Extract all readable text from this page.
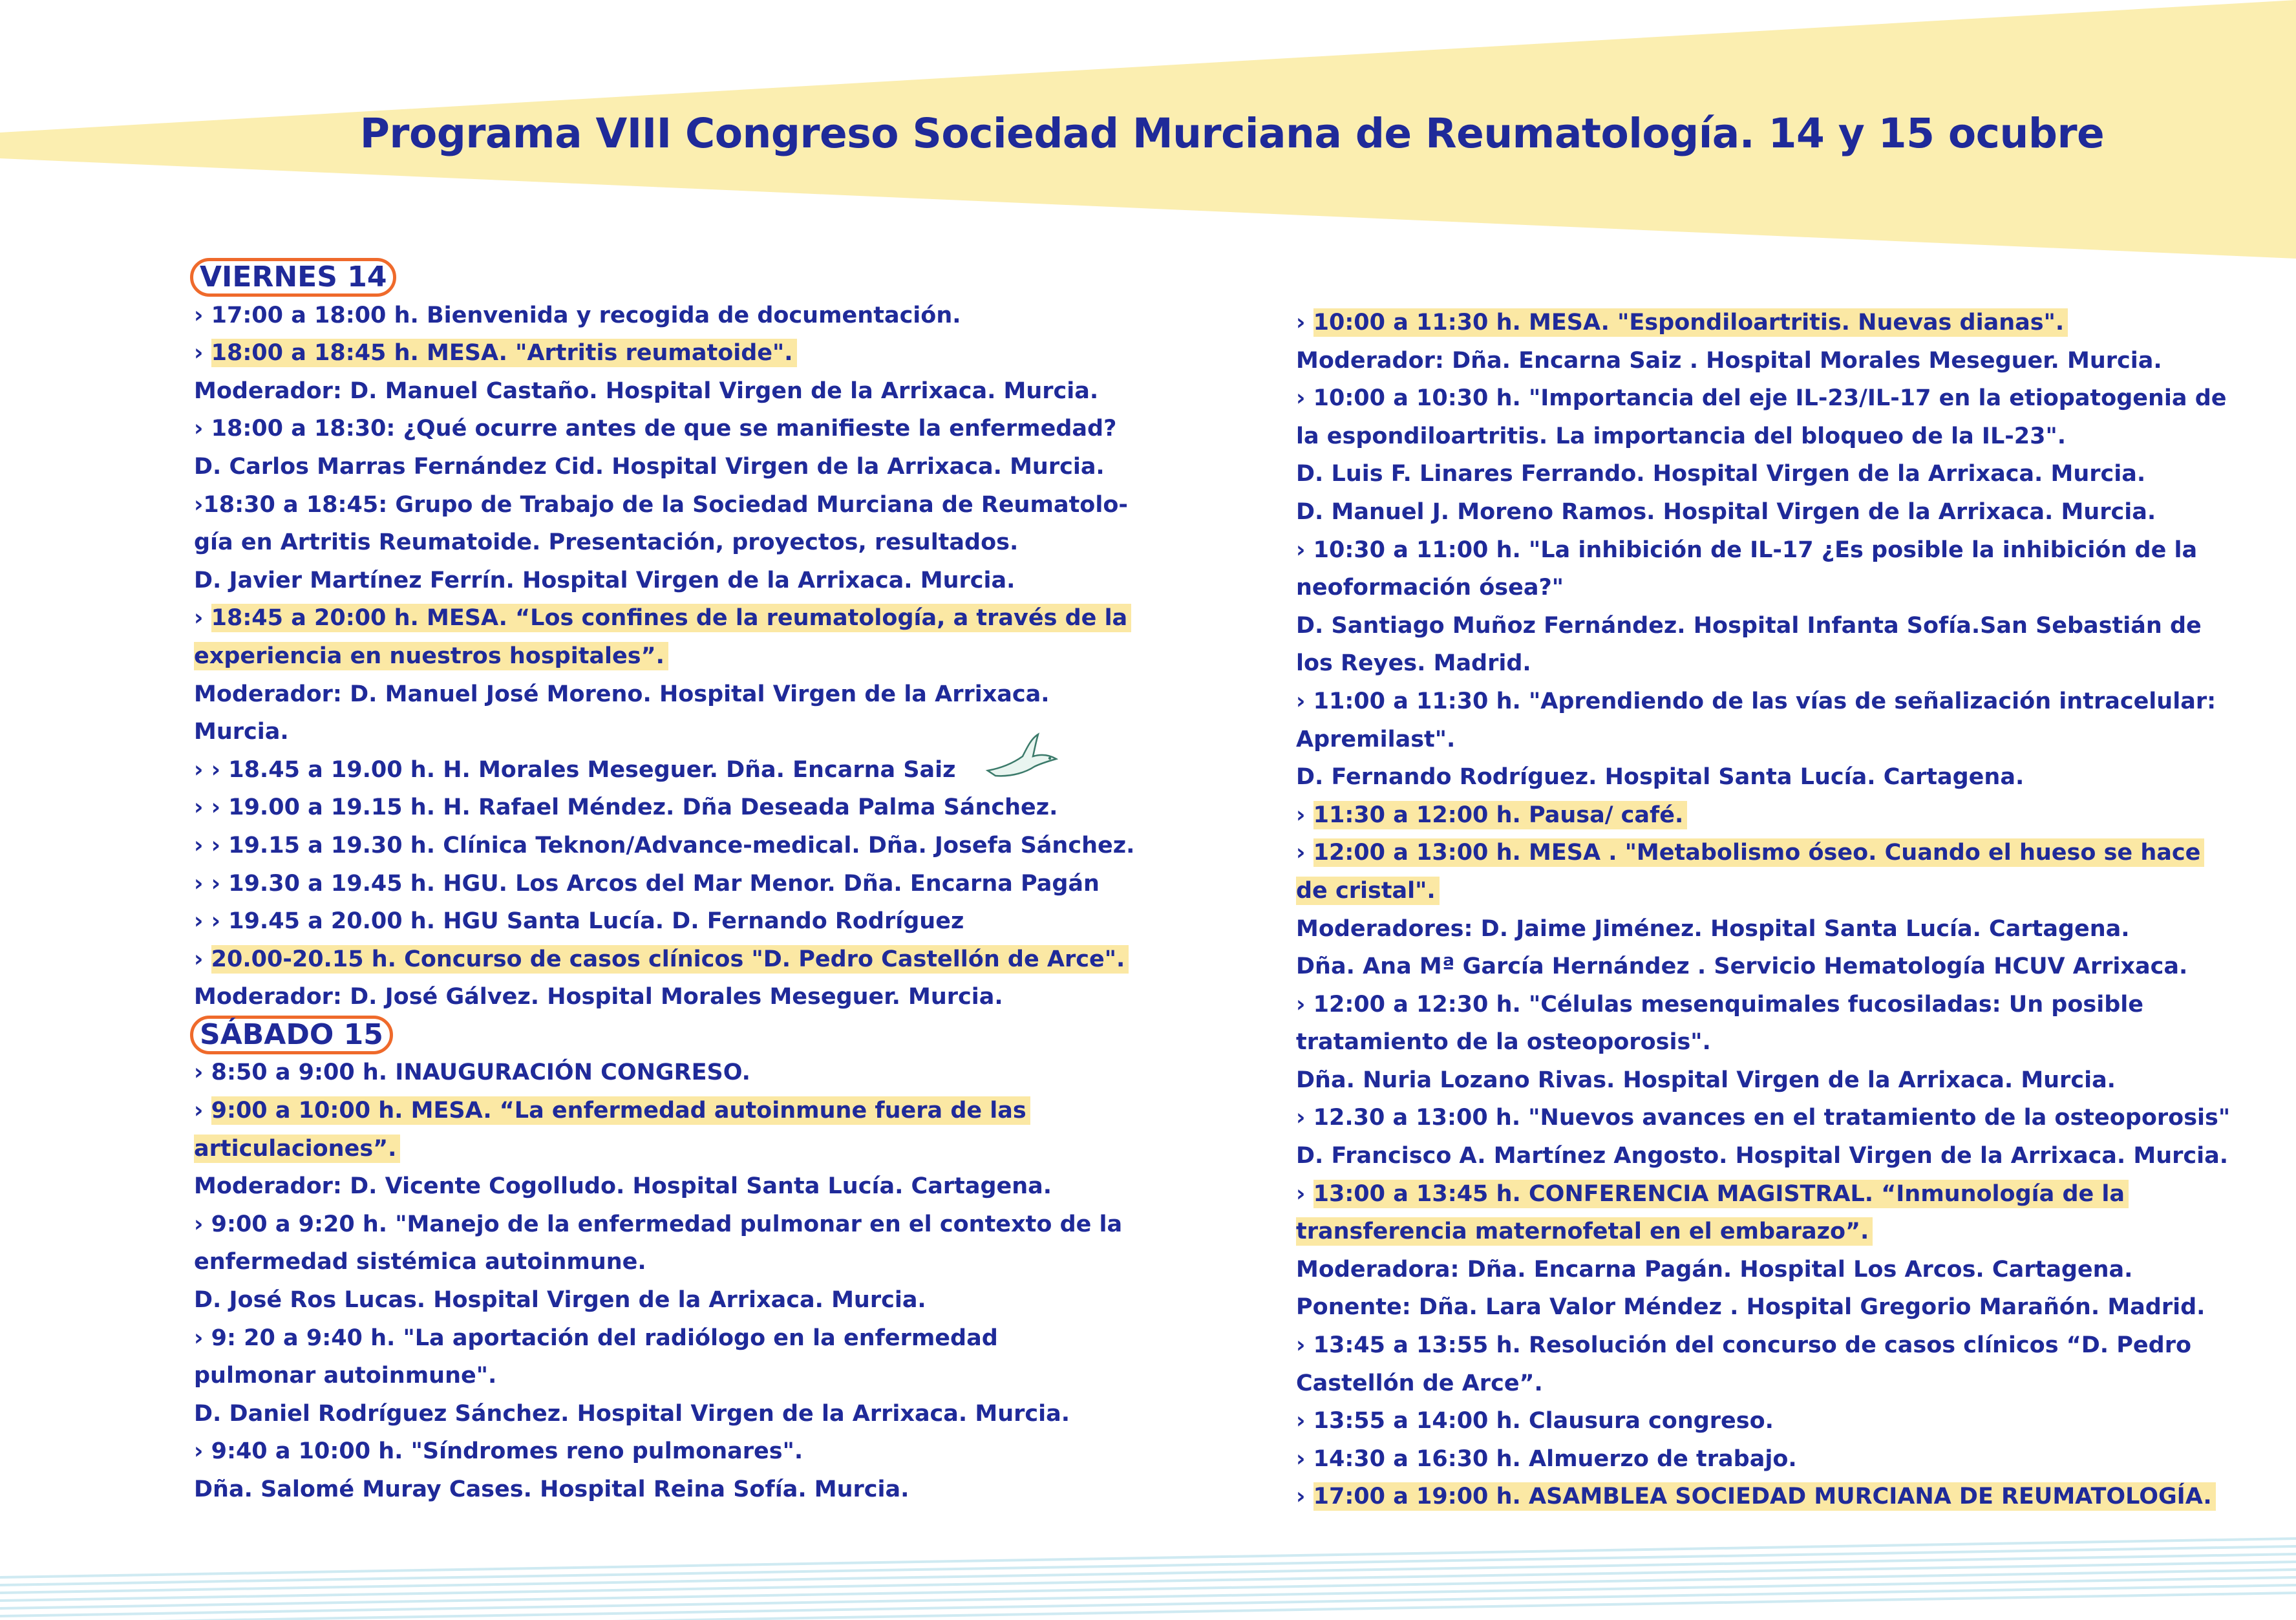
Programa VIII Congreso Sociedad Murciana de Reumatología. 14 y 15 ocubre
VIERNES 14
› 17:00 a 18:00 h. Bienvenida y recogida de documentación.
› 18:00 a 18:45 h. MESA. "Artritis reumatoide".
Moderador: D. Manuel Castaño. Hospital Virgen de la Arrixaca. Murcia.
› 18:00 a 18:30: ¿Qué ocurre antes de que se manifieste la enfermedad?
D. Carlos Marras Fernández Cid. Hospital Virgen de la Arrixaca. Murcia.
›18:30 a 18:45: Grupo de Trabajo de la Sociedad Murciana de Reumatolo-
gía en Artritis Reumatoide. Presentación, proyectos, resultados.
D. Javier Martínez Ferrín. Hospital Virgen de la Arrixaca. Murcia.
› 18:45 a 20:00 h. MESA. “Los confines de la reumatología, a través de la
experiencia en nuestros hospitales”.
Moderador: D. Manuel José Moreno. Hospital Virgen de la Arrixaca.
Murcia.
› › 18.45 a 19.00 h. H. Morales Meseguer. Dña. Encarna Saiz
› › 19.00 a 19.15 h. H. Rafael Méndez. Dña Deseada Palma Sánchez.
› › 19.15 a 19.30 h. Clínica Teknon/Advance-medical. Dña. Josefa Sánchez.
› › 19.30 a 19.45 h. HGU. Los Arcos del Mar Menor. Dña. Encarna Pagán
› › 19.45 a 20.00 h. HGU Santa Lucía. D. Fernando Rodríguez
› 20.00-20.15 h. Concurso de casos clínicos "D. Pedro Castellón de Arce".
Moderador: D. José Gálvez. Hospital Morales Meseguer. Murcia.
SÁBADO 15
› 8:50 a 9:00 h. INAUGURACIÓN CONGRESO.
› 9:00 a 10:00 h. MESA. “La enfermedad autoinmune fuera de las
articulaciones”.
Moderador: D. Vicente Cogolludo. Hospital Santa Lucía. Cartagena.
› 9:00 a 9:20 h. "Manejo de la enfermedad pulmonar en el contexto de la
enfermedad sistémica autoinmune.
D. José Ros Lucas. Hospital Virgen de la Arrixaca. Murcia.
› 9: 20 a 9:40 h. "La aportación del radiólogo en la enfermedad
pulmonar autoinmune".
D. Daniel Rodríguez Sánchez. Hospital Virgen de la Arrixaca. Murcia.
› 9:40 a 10:00 h. "Síndromes reno pulmonares".
Dña. Salomé Muray Cases. Hospital Reina Sofía. Murcia.
› 10:00 a 11:30 h. MESA. "Espondiloartritis. Nuevas dianas".
Moderador: Dña. Encarna Saiz . Hospital Morales Meseguer. Murcia.
› 10:00 a 10:30 h. "Importancia del eje IL-23/IL-17 en la etiopatogenia de
la espondiloartritis. La importancia del bloqueo de la IL-23".
D. Luis F. Linares Ferrando. Hospital Virgen de la Arrixaca. Murcia.
D. Manuel J. Moreno Ramos. Hospital Virgen de la Arrixaca. Murcia.
› 10:30 a 11:00 h. "La inhibición de IL-17 ¿Es posible la inhibición de la
neoformación ósea?"
D. Santiago Muñoz Fernández. Hospital Infanta Sofía.San Sebastián de
los Reyes. Madrid.
› 11:00 a 11:30 h. "Aprendiendo de las vías de señalización intracelular:
Apremilast".
D. Fernando Rodríguez. Hospital Santa Lucía. Cartagena.
› 11:30 a 12:00 h. Pausa/ café.
› 12:00 a 13:00 h. MESA . "Metabolismo óseo. Cuando el hueso se hace
de cristal".
Moderadores: D. Jaime Jiménez. Hospital Santa Lucía. Cartagena.
Dña. Ana Mª García Hernández . Servicio Hematología HCUV Arrixaca.
› 12:00 a 12:30 h. "Células mesenquimales fucosiladas: Un posible
tratamiento de la osteoporosis".
Dña. Nuria Lozano Rivas. Hospital Virgen de la Arrixaca. Murcia.
› 12.30 a 13:00 h. "Nuevos avances en el tratamiento de la osteoporosis"
D. Francisco A. Martínez Angosto. Hospital Virgen de la Arrixaca. Murcia.
› 13:00 a 13:45 h. CONFERENCIA MAGISTRAL. “Inmunología de la
transferencia maternofetal en el embarazo”.
Moderadora: Dña. Encarna Pagán. Hospital Los Arcos. Cartagena.
Ponente: Dña. Lara Valor Méndez . Hospital Gregorio Marañón. Madrid.
› 13:45 a 13:55 h. Resolución del concurso de casos clínicos “D. Pedro
Castellón de Arce”.
› 13:55 a 14:00 h. Clausura congreso.
› 14:30 a 16:30 h. Almuerzo de trabajo.
› 17:00 a 19:00 h. ASAMBLEA SOCIEDAD MURCIANA DE REUMATOLOGÍA.
